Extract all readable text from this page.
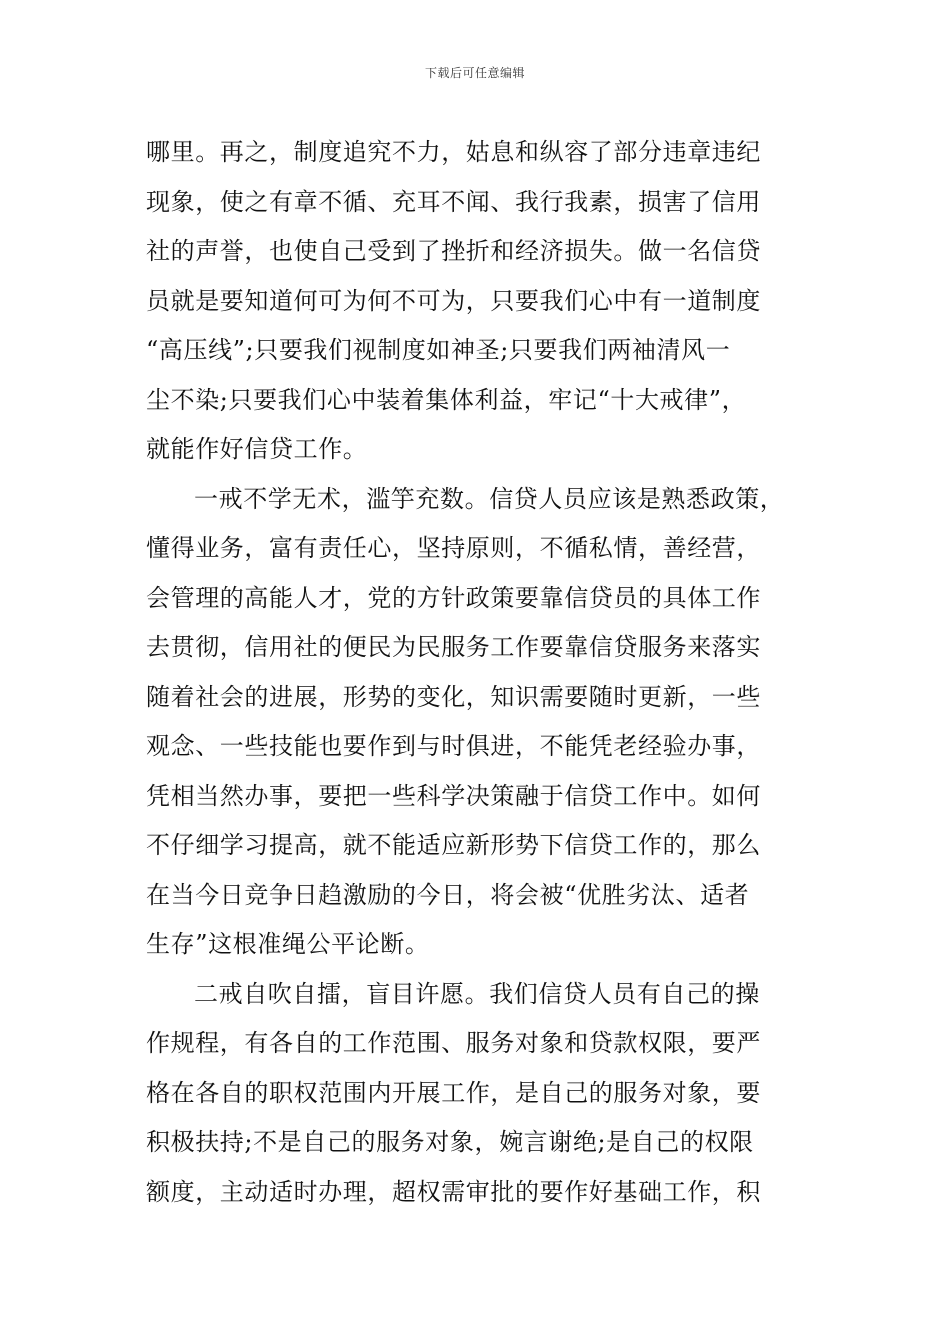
下载后可任意编辑
哪里。再之，制度追究不力，姑息和纵容了部分违章违纪
现象，使之有章不循、充耳不闻、我行我素，损害了信用
社的声誉，也使自己受到了挫折和经济损失。做一名信贷
员就是要知道何可为何不可为，只要我们心中有一道制度
“高压线”;只要我们视制度如神圣;只要我们两袖清风一
尘不染;只要我们心中装着集体利益，牢记“十大戒律”，
就能作好信贷工作。
一戒不学无术，滥竽充数。信贷人员应该是熟悉政策，
懂得业务，富有责任心，坚持原则，不循私情，善经营，
会管理的高能人才，党的方针政策要靠信贷员的具体工作
去贯彻，信用社的便民为民服务工作要靠信贷服务来落实
随着社会的进展，形势的变化，知识需要随时更新，一些
观念、一些技能也要作到与时俱进，不能凭老经验办事，
凭相当然办事，要把一些科学决策融于信贷工作中。如何
不仔细学习提高，就不能适应新形势下信贷工作的，那么
在当今日竞争日趋激励的今日，将会被“优胜劣汰、适者
生存”这根准绳公平论断。
二戒自吹自擂，盲目许愿。我们信贷人员有自己的操
作规程，有各自的工作范围、服务对象和贷款权限，要严
格在各自的职权范围内开展工作，是自己的服务对象，要
积极扶持;不是自己的服务对象，婉言谢绝;是自己的权限
额度，主动适时办理，超权需审批的要作好基础工作，积
